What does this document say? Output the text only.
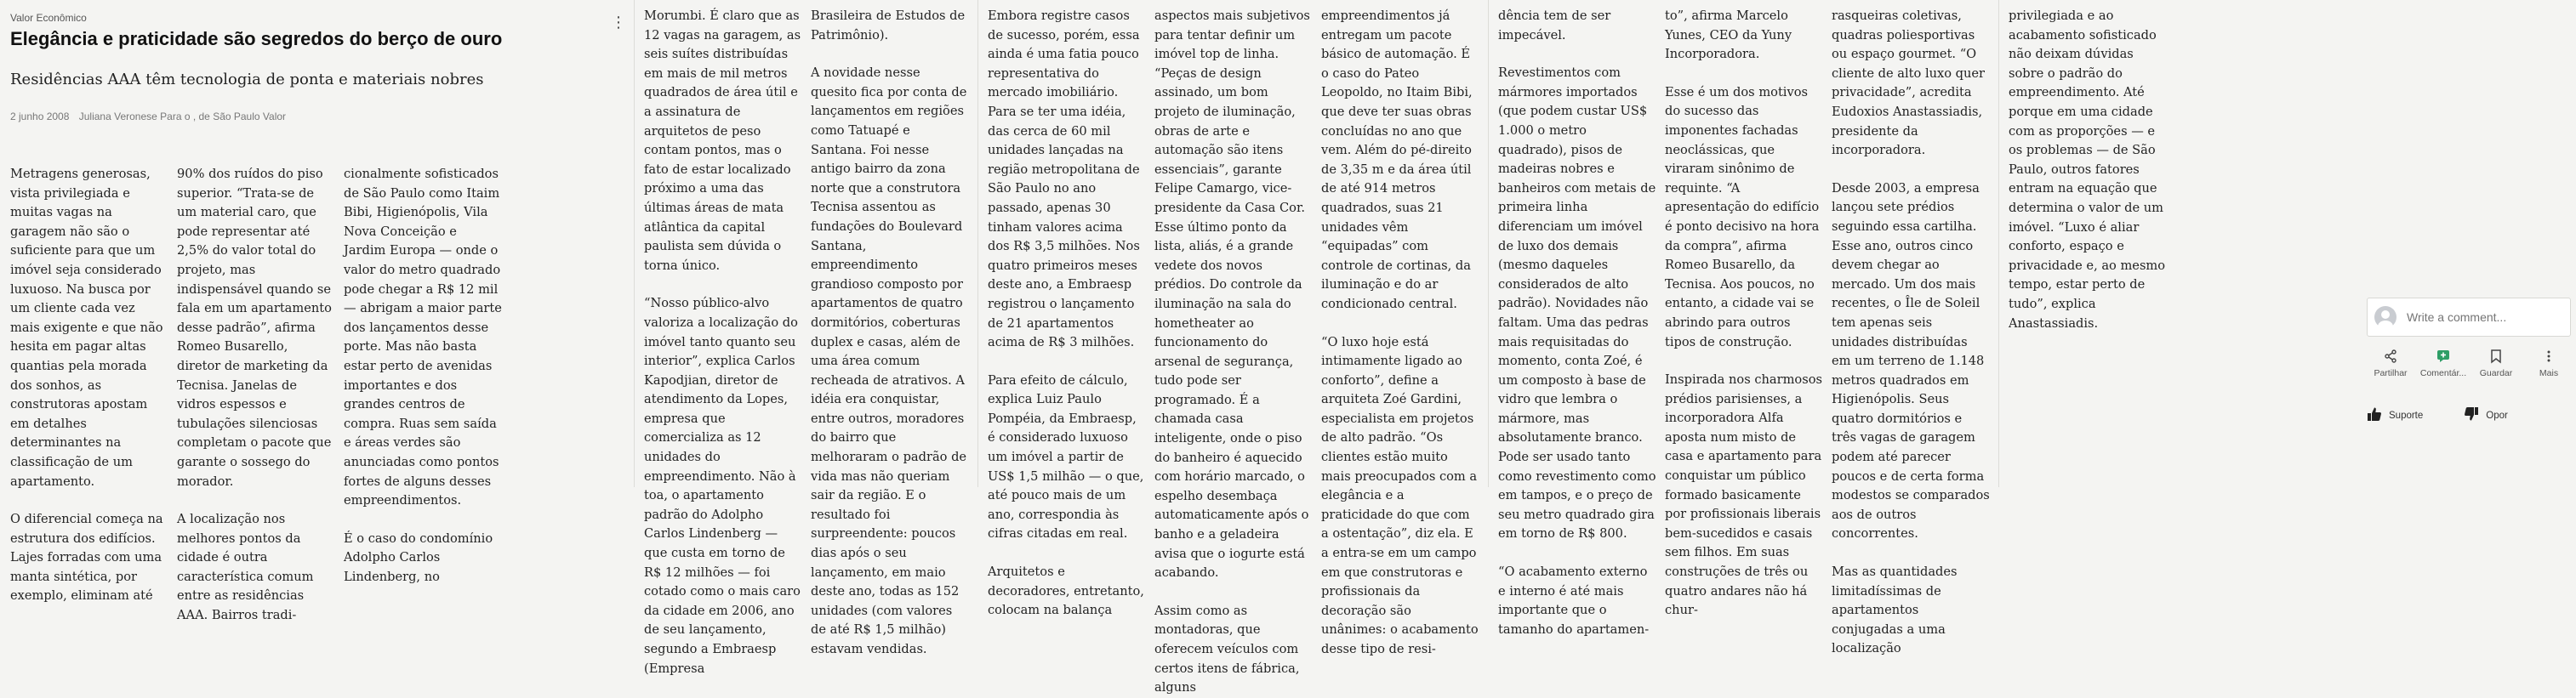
Valor Econômico
Elegância e praticidade são segredos do berço de ouro
Residências AAA têm tecnologia de ponta e materiais nobres
2 junho 2008 Juliana Veronese Para o , de São Paulo Valor
⋮

Metragens generosas, vista privilegiada e muitas vagas na garagem não são o suficiente para que um imóvel seja considerado luxuoso. Na busca por um cliente cada vez mais exigente e que não hesita em pagar altas quantias pela morada dos sonhos, as construtoras apostam em detalhes determinantes na classificação de um apartamento.

O diferencial começa na estrutura dos edifícios. Lajes forradas com uma manta sintética, por exemplo, eliminam até

90% dos ruídos do piso superior. “Trata-se de um material caro, que pode representar até 2,5% do valor total do projeto, mas indispensável quando se fala em um apartamento desse padrão”, afirma Romeo Busarello, diretor de marketing da Tecnisa. Janelas de vidros espessos e tubulações silenciosas completam o pacote que garante o sossego do morador.

A localização nos melhores pontos da cidade é outra característica comum entre as residências AAA. Bairros tradi-

cionalmente sofisticados de São Paulo como Itaim Bibi, Higienópolis, Vila Nova Conceição e Jardim Europa — onde o valor do metro quadrado pode chegar a R$ 12 mil — abrigam a maior parte dos lançamentos desse porte. Mas não basta estar perto de avenidas importantes e dos grandes centros de compra. Ruas sem saída e áreas verdes são anunciadas como pontos fortes de alguns desses empreendimentos.

É o caso do condomínio Adolpho Carlos Lindenberg, no

Morumbi. É claro que as 12 vagas na garagem, as seis suítes distribuídas em mais de mil metros quadrados de área útil e a assinatura de arquitetos de peso contam pontos, mas o fato de estar localizado próximo a uma das últimas áreas de mata atlântica da capital paulista sem dúvida o torna único.

“Nosso público-alvo valoriza a localização do imóvel tanto quanto seu interior”, explica Carlos Kapodjian, diretor de atendimento da Lopes, empresa que comercializa as 12 unidades do empreendimento. Não à toa, o apartamento padrão do Adolpho Carlos Lindenberg — que custa em torno de R$ 12 milhões — foi cotado como o mais caro da cidade em 2006, ano de seu lançamento, segundo a Embraesp (Empresa

Brasileira de Estudos de Patrimônio).

A novidade nesse quesito fica por conta de lançamentos em regiões como Tatuapé e Santana. Foi nesse antigo bairro da zona norte que a construtora Tecnisa assentou as fundações do Boulevard Santana, empreendimento grandioso composto por apartamentos de quatro dormitórios, coberturas duplex e casas, além de uma área comum recheada de atrativos. A idéia era conquistar, entre outros, moradores do bairro que melhoraram o padrão de vida mas não queriam sair da região. E o resultado foi surpreendente: poucos dias após o seu lançamento, em maio deste ano, todas as 152 unidades (com valores de até R$ 1,5 milhão) estavam vendidas.

Embora registre casos de sucesso, porém, essa ainda é uma fatia pouco representativa do mercado imobiliário. Para se ter uma idéia, das cerca de 60 mil unidades lançadas na região metropolitana de São Paulo no ano passado, apenas 30 tinham valores acima dos R$ 3,5 milhões. Nos quatro primeiros meses deste ano, a Embraesp registrou o lançamento de 21 apartamentos acima de R$ 3 milhões.

Para efeito de cálculo, explica Luiz Paulo Pompéia, da Embraesp, é considerado luxuoso um imóvel a partir de US$ 1,5 milhão — o que, até pouco mais de um ano, correspondia às cifras citadas em real.

Arquitetos e decoradores, entretanto, colocam na balança

aspectos mais subjetivos para tentar definir um imóvel top de linha. “Peças de design assinado, um bom projeto de iluminação, obras de arte e automação são itens essenciais”, garante Felipe Camargo, vice-presidente da Casa Cor. Esse último ponto da lista, aliás, é a grande vedete dos novos prédios. Do controle da iluminação na sala do hometheater ao funcionamento do arsenal de segurança, tudo pode ser programado. É a chamada casa inteligente, onde o piso do banheiro é aquecido com horário marcado, o espelho desembaça automaticamente após o banho e a geladeira avisa que o iogurte está acabando.

Assim como as montadoras, que oferecem veículos com certos itens de fábrica, alguns

empreendimentos já entregam um pacote básico de automação. É o caso do Pateo Leopoldo, no Itaim Bibi, que deve ter suas obras concluídas no ano que vem. Além do pé-direito de 3,35 m e da área útil de até 914 metros quadrados, suas 21 unidades vêm “equipadas” com controle de cortinas, da iluminação e do ar condicionado central.

“O luxo hoje está intimamente ligado ao conforto”, define a arquiteta Zoé Gardini, especialista em projetos de alto padrão. “Os clientes estão muito mais preocupados com a elegância e a praticidade do que com a ostentação”, diz ela. E a entra-se em um campo em que construtoras e profissionais da decoração são unânimes: o acabamento desse tipo de resi-

dência tem de ser impecável.

Revestimentos com mármores importados (que podem custar US$ 1.000 o metro quadrado), pisos de madeiras nobres e banheiros com metais de primeira linha diferenciam um imóvel de luxo dos demais (mesmo daqueles considerados de alto padrão). Novidades não faltam. Uma das pedras mais requisitadas do momento, conta Zoé, é um composto à base de vidro que lembra o mármore, mas absolutamente branco. Pode ser usado tanto como revestimento como em tampos, e o preço de seu metro quadrado gira em torno de R$ 800.

“O acabamento externo e interno é até mais importante que o tamanho do apartamen-

to”, afirma Marcelo Yunes, CEO da Yuny Incorporadora.

Esse é um dos motivos do sucesso das imponentes fachadas neoclássicas, que viraram sinônimo de requinte. “A apresentação do edifício é ponto decisivo na hora da compra”, afirma Romeo Busarello, da Tecnisa. Aos poucos, no entanto, a cidade vai se abrindo para outros tipos de construção.

Inspirada nos charmosos prédios parisienses, a incorporadora Alfa aposta num misto de casa e apartamento para conquistar um público formado basicamente por profissionais liberais bem-sucedidos e casais sem filhos. Em suas construções de três ou quatro andares não há chur-

rasqueiras coletivas, quadras poliesportivas ou espaço gourmet. “O cliente de alto luxo quer privacidade”, acredita Eudoxios Anastassiadis, presidente da incorporadora.

Desde 2003, a empresa lançou sete prédios seguindo essa cartilha. Esse ano, outros cinco devem chegar ao mercado. Um dos mais recentes, o Île de Soleil tem apenas seis unidades distribuídas em um terreno de 1.148 metros quadrados em Higienópolis. Seus quatro dormitórios e três vagas de garagem podem até parecer poucos e de certa forma modestos se comparados aos de outros concorrentes.

Mas as quantidades limitadíssimas de apartamentos conjugadas a uma localização

privilegiada e ao acabamento sofisticado não deixam dúvidas sobre o padrão do empreendimento. Até porque em uma cidade com as proporções — e os problemas — de São Paulo, outros fatores entram na equação que determina o valor de um imóvel. “Luxo é aliar conforto, espaço e privacidade e, ao mesmo tempo, estar perto de tudo”, explica Anastassiadis.

Write a comment...
Partilhar Comentár... Guardar	Mais
Suporte	Opor
